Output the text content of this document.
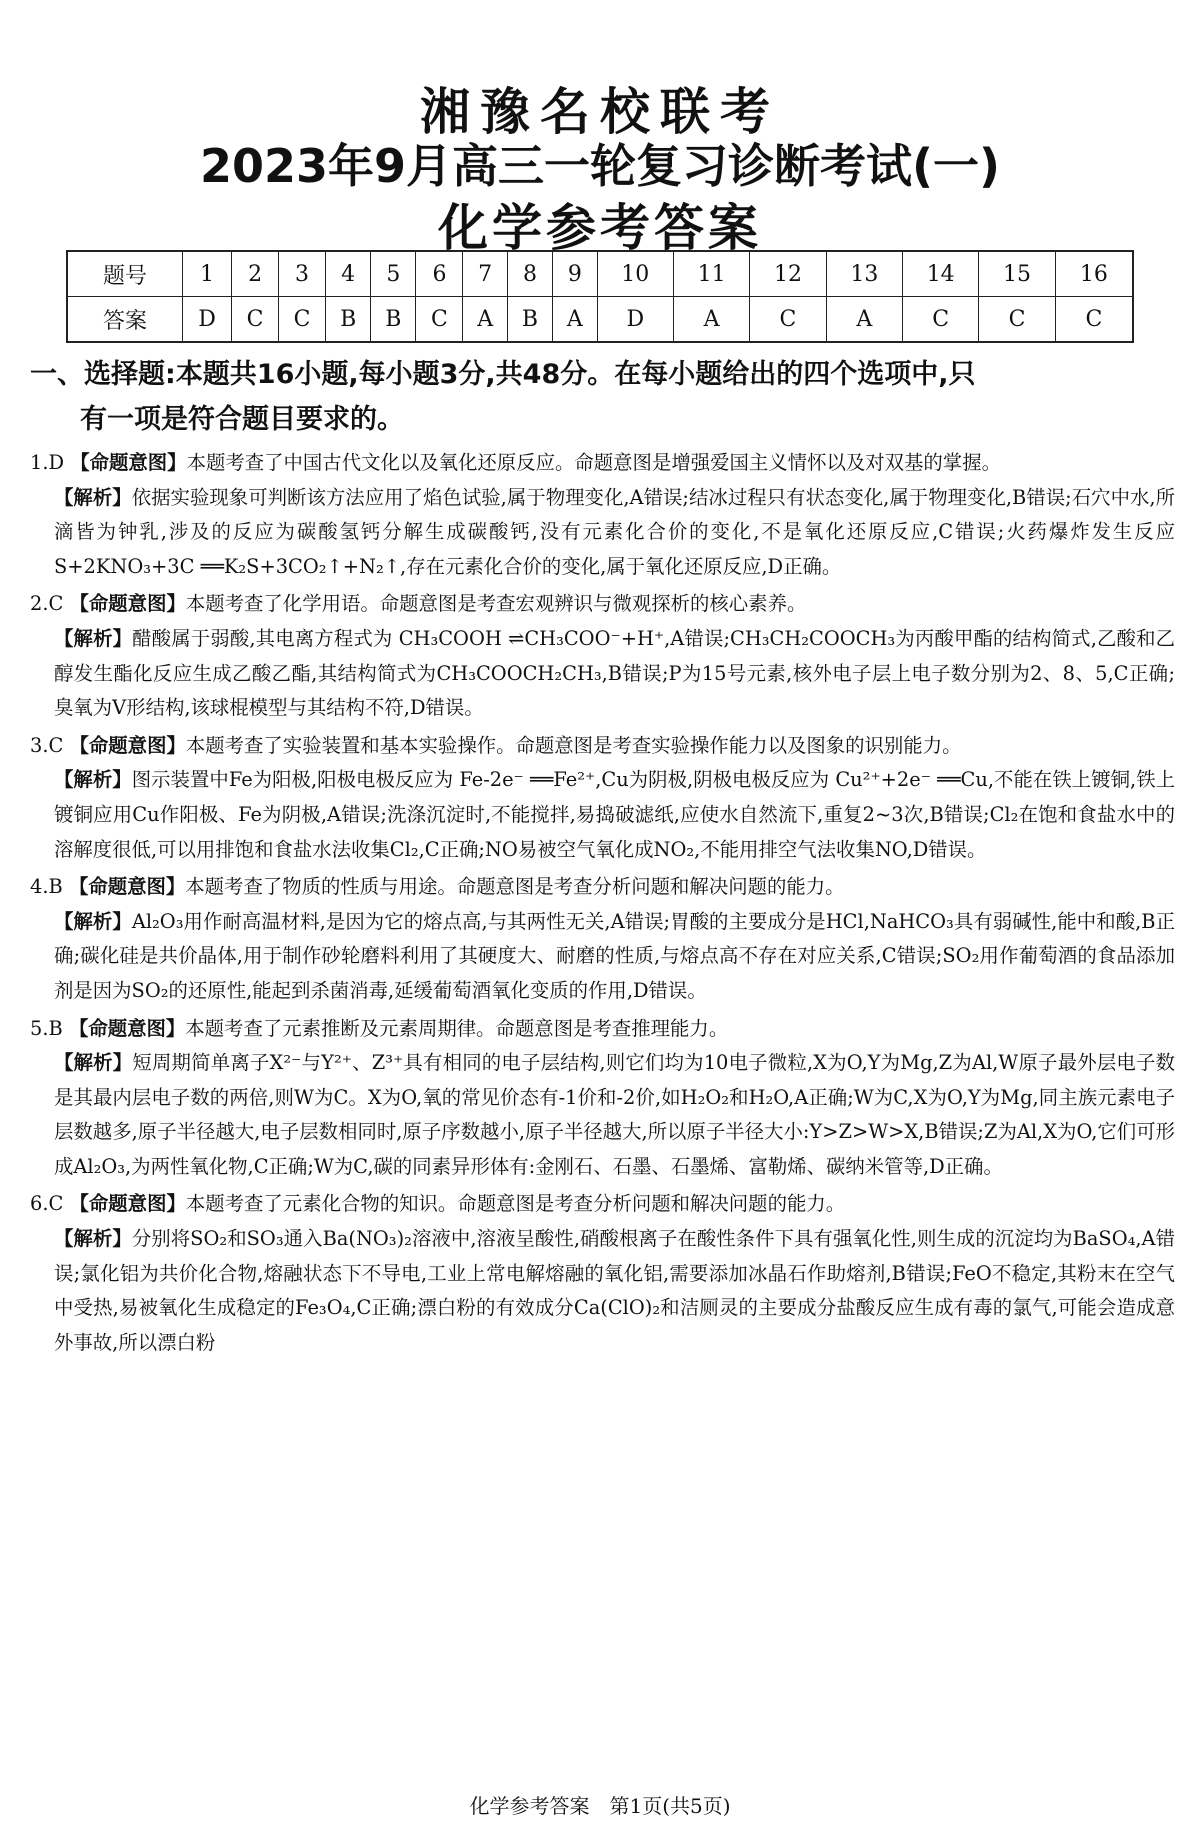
湘豫名校联考
2023年9月高三一轮复习诊断考试(一)
化学参考答案
题号	1	2	3	4	5	6	7	8	9	10	11	12	13	14	15	16
答案	D	C	C	B	B	C	A	B	A	D	A	C	A	C	C	C
一、选择题:本题共16小题,每小题3分,共48分。在每小题给出的四个选项中,只
有一项是符合题目要求的。
1.D 【命题意图】本题考查了中国古代文化以及氧化还原反应。命题意图是增强爱国主义情怀以及对双基的掌握。
【解析】依据实验现象可判断该方法应用了焰色试验,属于物理变化,A错误;结冰过程只有状态变化,属于物理变化,B错误;石穴中水,所滴皆为钟乳,涉及的反应为碳酸氢钙分解生成碳酸钙,没有元素化合价的变化,不是氧化还原反应,C错误;火药爆炸发生反应 S+2KNO₃+3C ══K₂S+3CO₂↑+N₂↑,存在元素化合价的变化,属于氧化还原反应,D正确。
2.C 【命题意图】本题考查了化学用语。命题意图是考查宏观辨识与微观探析的核心素养。
【解析】醋酸属于弱酸,其电离方程式为 CH₃COOH ⇌CH₃COO⁻+H⁺,A错误;CH₃CH₂COOCH₃为丙酸甲酯的结构简式,乙酸和乙醇发生酯化反应生成乙酸乙酯,其结构简式为CH₃COOCH₂CH₃,B错误;P为15号元素,核外电子层上电子数分别为2、8、5,C正确;臭氧为V形结构,该球棍模型与其结构不符,D错误。
3.C 【命题意图】本题考查了实验装置和基本实验操作。命题意图是考查实验操作能力以及图象的识别能力。
【解析】图示装置中Fe为阳极,阳极电极反应为 Fe-2e⁻ ══Fe²⁺,Cu为阴极,阴极电极反应为 Cu²⁺+2e⁻ ══Cu,不能在铁上镀铜,铁上镀铜应用Cu作阳极、Fe为阴极,A错误;洗涤沉淀时,不能搅拌,易捣破滤纸,应使水自然流下,重复2~3次,B错误;Cl₂在饱和食盐水中的溶解度很低,可以用排饱和食盐水法收集Cl₂,C正确;NO易被空气氧化成NO₂,不能用排空气法收集NO,D错误。
4.B 【命题意图】本题考查了物质的性质与用途。命题意图是考查分析问题和解决问题的能力。
【解析】Al₂O₃用作耐高温材料,是因为它的熔点高,与其两性无关,A错误;胃酸的主要成分是HCl,NaHCO₃具有弱碱性,能中和酸,B正确;碳化硅是共价晶体,用于制作砂轮磨料利用了其硬度大、耐磨的性质,与熔点高不存在对应关系,C错误;SO₂用作葡萄酒的食品添加剂是因为SO₂的还原性,能起到杀菌消毒,延缓葡萄酒氧化变质的作用,D错误。
5.B 【命题意图】本题考查了元素推断及元素周期律。命题意图是考查推理能力。
【解析】短周期简单离子X²⁻与Y²⁺、Z³⁺具有相同的电子层结构,则它们均为10电子微粒,X为O,Y为Mg,Z为Al,W原子最外层电子数是其最内层电子数的两倍,则W为C。X为O,氧的常见价态有-1价和-2价,如H₂O₂和H₂O,A正确;W为C,X为O,Y为Mg,同主族元素电子层数越多,原子半径越大,电子层数相同时,原子序数越小,原子半径越大,所以原子半径大小:Y>Z>W>X,B错误;Z为Al,X为O,它们可形成Al₂O₃,为两性氧化物,C正确;W为C,碳的同素异形体有:金刚石、石墨、石墨烯、富勒烯、碳纳米管等,D正确。
6.C 【命题意图】本题考查了元素化合物的知识。命题意图是考查分析问题和解决问题的能力。
【解析】分别将SO₂和SO₃通入Ba(NO₃)₂溶液中,溶液呈酸性,硝酸根离子在酸性条件下具有强氧化性,则生成的沉淀均为BaSO₄,A错误;氯化铝为共价化合物,熔融状态下不导电,工业上常电解熔融的氧化铝,需要添加冰晶石作助熔剂,B错误;FeO不稳定,其粉末在空气中受热,易被氧化生成稳定的Fe₃O₄,C正确;漂白粉的有效成分Ca(ClO)₂和洁厕灵的主要成分盐酸反应生成有毒的氯气,可能会造成意外事故,所以漂白粉
化学参考答案　第1页(共5页)
